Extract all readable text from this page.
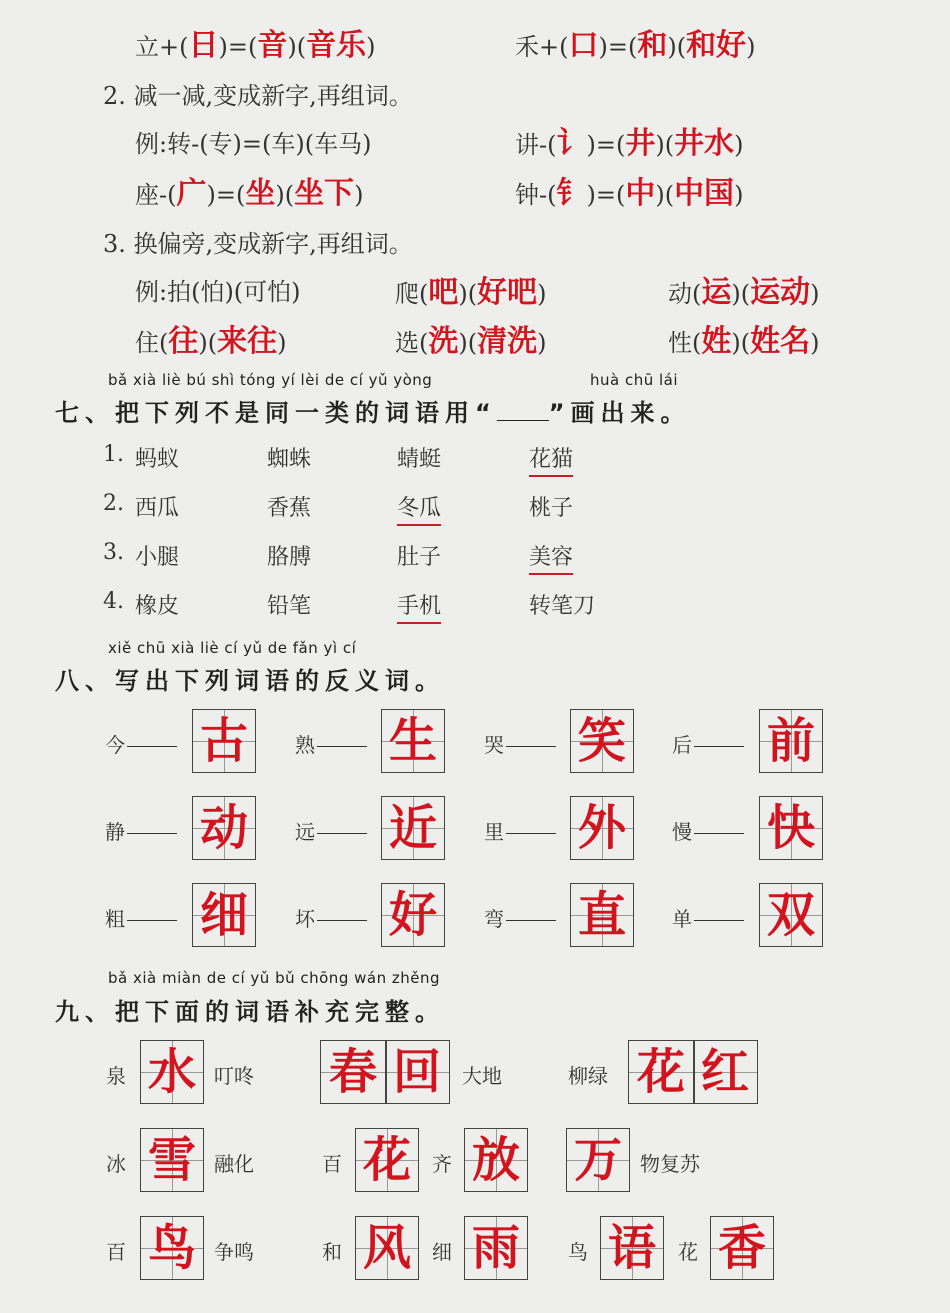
立+(日)=(音)(音乐)	禾+(口)=(和)(和好)
2. 减一减,变成新字,再组词。
例:转-(专)=(车)(车马)	讲-(讠)=(井)(井水)
座-(广)=(坐)(坐下)	钟-(钅)=(中)(中国)
3. 换偏旁,变成新字,再组词。
例:拍(怕)(可怕)	爬(吧)(好吧)	动(运)(运动)
住(往)(来往)	选(洗)(清洗)	性(姓)(姓名)
bǎ xià liè bú shì tóng yí lèi de cí yǔ yòng	huà chū lái
七、把下列不是同一类的词语用“ ”画出来。
1. 蚂蚁	蜘蛛	蜻蜓	花猫
2. 西瓜	香蕉	冬瓜	桃子
3. 小腿	胳膊	肚子	美容
4. 橡皮	铅笔	手机	转笔刀
xiě chū xià liè cí yǔ de fǎn yì cí
八、写出下列词语的反义词。
今	古 熟	生 哭	笑 后	前
静	动 远	近 里	外 慢	快
粗	细 坏	好 弯	直 单	双
bǎ xià miàn de cí yǔ bǔ chōng wán zhěng
九、把下面的词语补充完整。
泉 水 叮咚 春 回	大地	柳绿 花 红
冰 雪 融化	百 花 齐 放 万 物复苏
百 鸟 争鸣	和 风 细 雨 鸟 语 花 香
